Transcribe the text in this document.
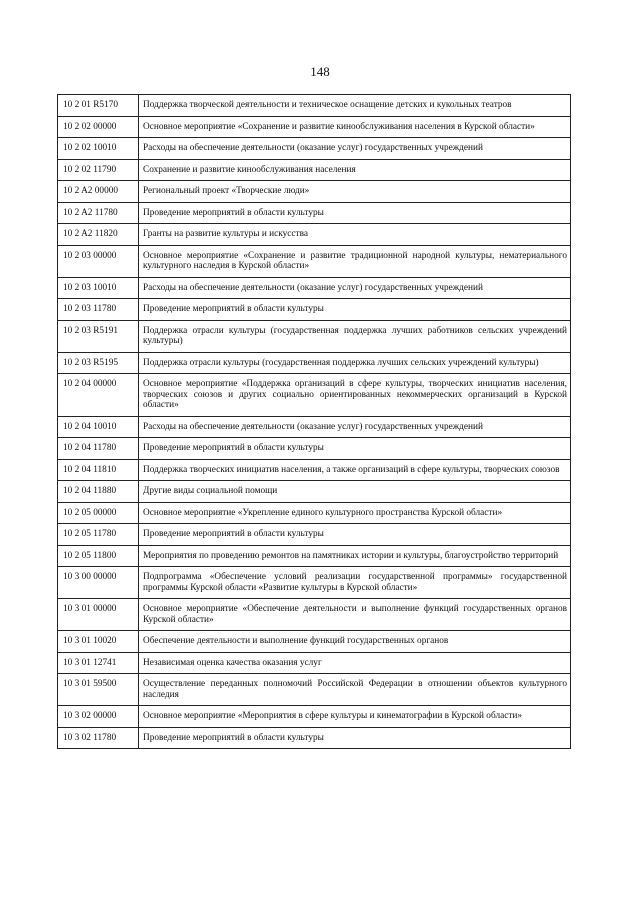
148
10 2 01 R5170	Поддержка творческой деятельности и техническое оснащение детских и кукольных театров
10 2 02 00000	Основное мероприятие «Сохранение и развитие кинообслуживания населения в Курской области»
10 2 02 10010	Расходы на обеспечение деятельности (оказание услуг) государственных учреждений
10 2 02 11790	Сохранение и развитие кинообслуживания населения
10 2 A2 00000	Региональный проект «Творческие люди»
10 2 A2 11780	Проведение мероприятий в области культуры
10 2 A2 11820	Гранты на развитие культуры и искусства
10 2 03 00000	Основное мероприятие «Сохранение и развитие традиционной народной культуры, нематериального культурного наследия в Курской области»
10 2 03 10010	Расходы на обеспечение деятельности (оказание услуг) государственных учреждений
10 2 03 11780	Проведение мероприятий в области культуры
10 2 03 R5191	Поддержка отрасли культуры (государственная поддержка лучших работников сельских учреждений культуры)
10 2 03 R5195	Поддержка отрасли культуры (государственная поддержка лучших сельских учреждений культуры)
10 2 04 00000	Основное мероприятие «Поддержка организаций в сфере культуры, творческих инициатив населения, творческих союзов и других социально ориентированных некоммерческих организаций в Курской области»
10 2 04 10010	Расходы на обеспечение деятельности (оказание услуг) государственных учреждений
10 2 04 11780	Проведение мероприятий в области культуры
10 2 04 11810	Поддержка творческих инициатив населения, а также организаций в сфере культуры, творческих союзов
10 2 04 11880	Другие виды социальной помощи
10 2 05 00000	Основное мероприятие «Укрепление единого культурного пространства Курской области»
10 2 05 11780	Проведение мероприятий в области культуры
10 2 05 11800	Мероприятия по проведению ремонтов на памятниках истории и культуры, благоустройство территорий
10 3 00 00000	Подпрограмма «Обеспечение условий реализации государственной программы» государственной программы Курской области «Развитие культуры в Курской области»
10 3 01 00000	Основное мероприятие «Обеспечение деятельности и выполнение функций государственных органов Курской области»
10 3 01 10020	Обеспечение деятельности и выполнение функций государственных органов
10 3 01 12741	Независимая оценка качества оказания услуг
10 3 01 59500	Осуществление переданных полномочий Российской Федерации в отношении объектов культурного наследия
10 3 02 00000	Основное мероприятие «Мероприятия в сфере культуры и кинематографии в Курской области»
10 3 02 11780	Проведение мероприятий в области культуры
